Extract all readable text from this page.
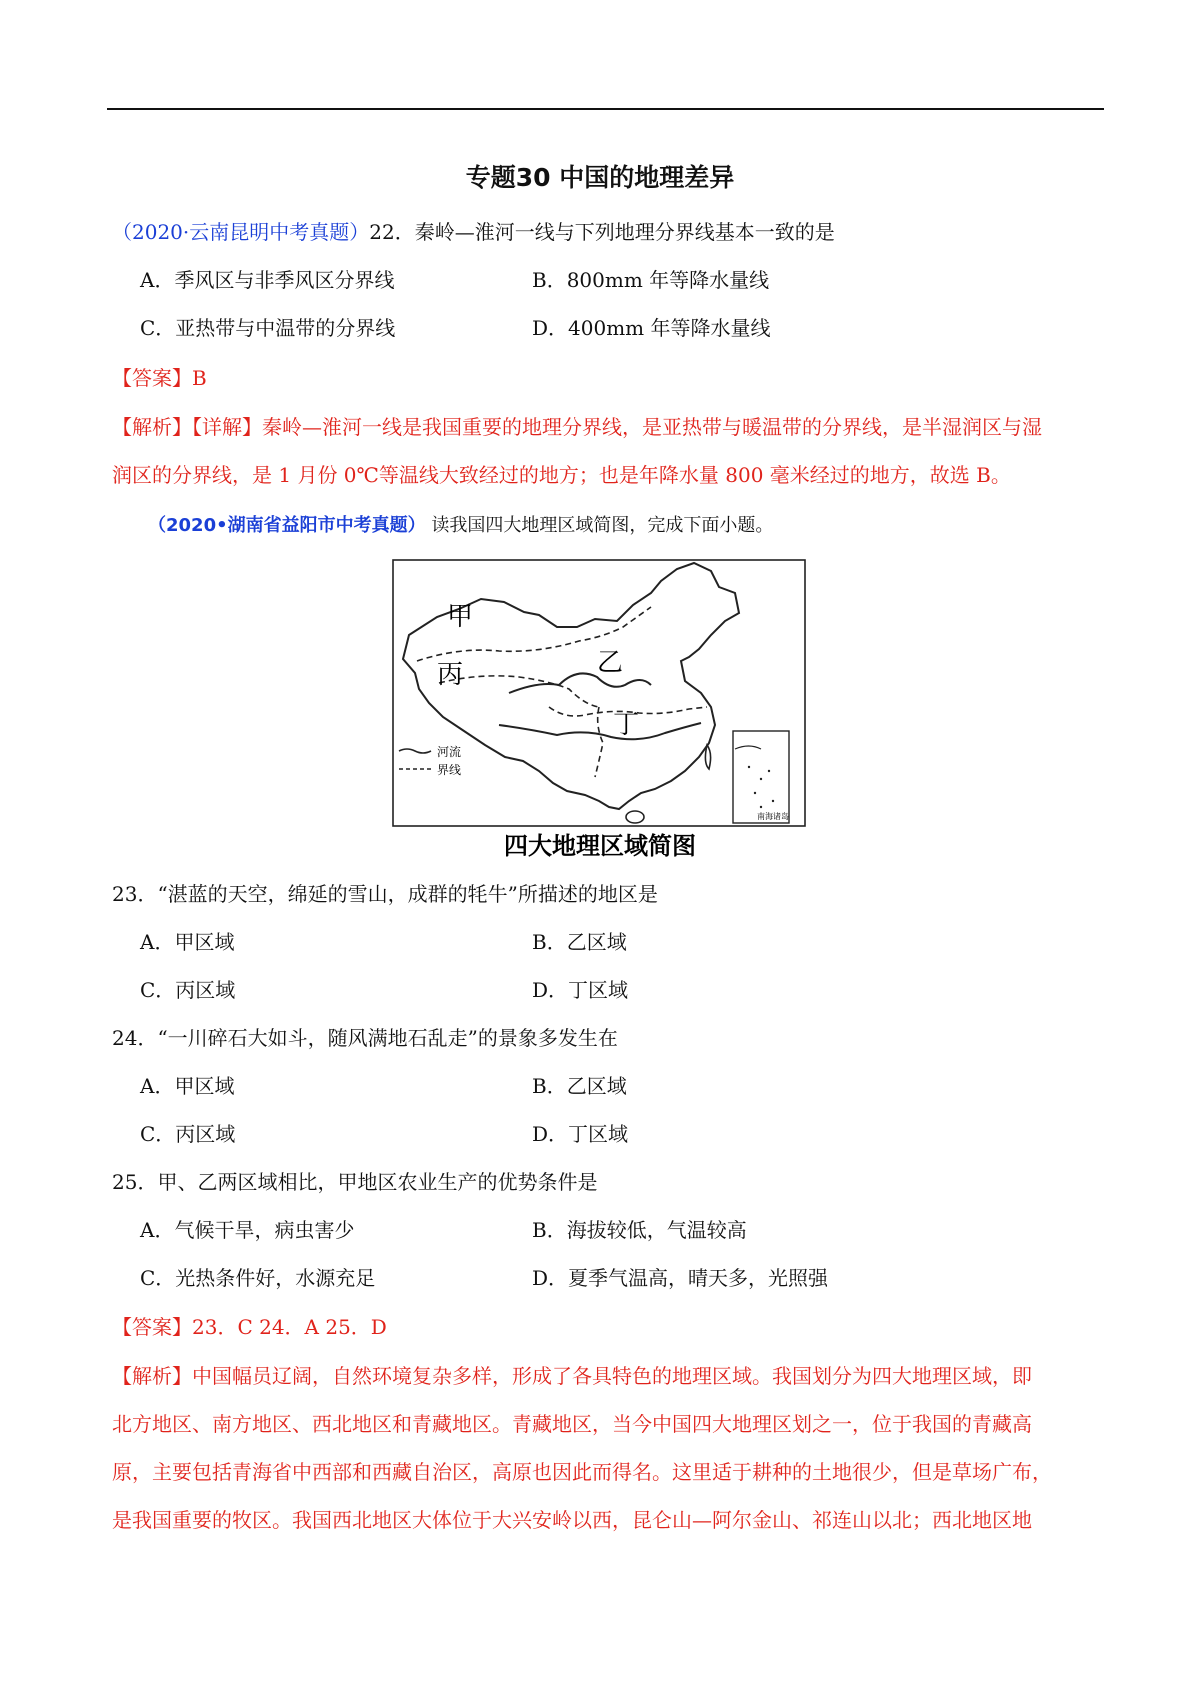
专题30 中国的地理差异
（2020·云南昆明中考真题）22．秦岭—淮河一线与下列地理分界线基本一致的是
A．季风区与非季风区分界线	B．800mm 年等降水量线
C．亚热带与中温带的分界线	D．400mm 年等降水量线
【答案】B
【解析】【详解】秦岭—淮河一线是我国重要的地理分界线，是亚热带与暖温带的分界线，是半湿润区与湿
润区的分界线，是 1 月份 0℃等温线大致经过的地方；也是年降水量 800 毫米经过的地方，故选 B。
（2020•湖南省益阳市中考真题） 读我国四大地理区域简图，完成下面小题。
甲
乙
丙
丁
河流
界线
南海诸岛
四大地理区域简图
23．“湛蓝的天空，绵延的雪山，成群的牦牛”所描述的地区是
A．甲区域	B．乙区域
C．丙区域	D．丁区域
24．“一川碎石大如斗，随风满地石乱走”的景象多发生在
A．甲区域	B．乙区域
C．丙区域	D．丁区域
25．甲、乙两区域相比，甲地区农业生产的优势条件是
A．气候干旱，病虫害少	B．海拔较低，气温较高
C．光热条件好，水源充足	D．夏季气温高，晴天多，光照强
【答案】23．C 24．A 25．D
【解析】中国幅员辽阔，自然环境复杂多样，形成了各具特色的地理区域。我国划分为四大地理区域，即
北方地区、南方地区、西北地区和青藏地区。青藏地区，当今中国四大地理区划之一，位于我国的青藏高
原，主要包括青海省中西部和西藏自治区，高原也因此而得名。这里适于耕种的土地很少，但是草场广布，
是我国重要的牧区。我国西北地区大体位于大兴安岭以西，昆仑山—阿尔金山、祁连山以北；西北地区地
